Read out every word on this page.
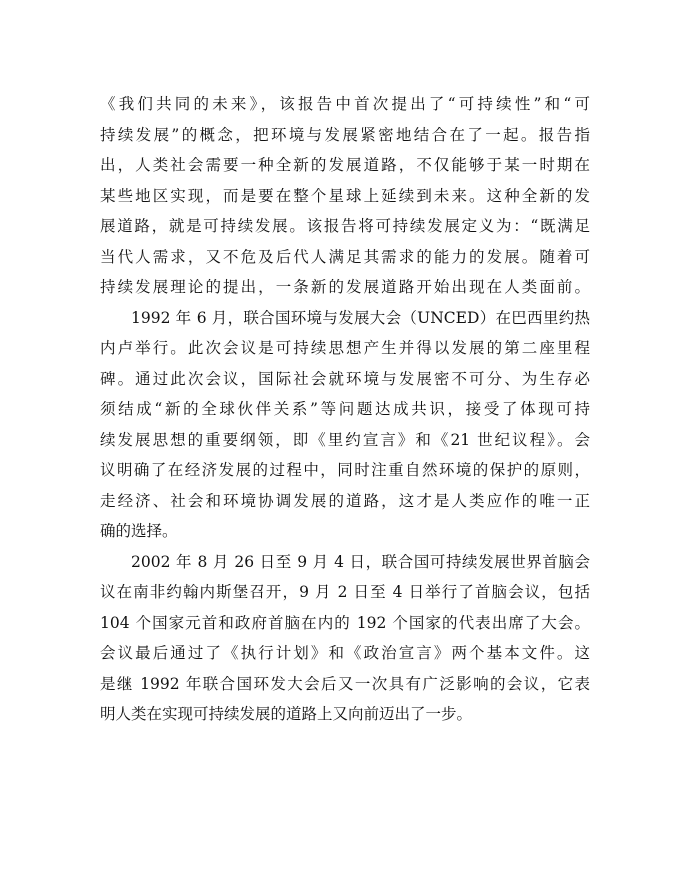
《我们共同的未来》，该报告中首次提出了“可持续性”和“可
持续发展”的概念，把环境与发展紧密地结合在了一起。报告指
出，人类社会需要一种全新的发展道路，不仅能够于某一时期在
某些地区实现，而是要在整个星球上延续到未来。这种全新的发
展道路，就是可持续发展。该报告将可持续发展定义为：“既满足
当代人需求，又不危及后代人满足其需求的能力的发展。随着可
持续发展理论的提出，一条新的发展道路开始出现在人类面前。
1992 年 6 月，联合国环境与发展大会（UNCED）在巴西里约热
内卢举行。此次会议是可持续思想产生并得以发展的第二座里程
碑。通过此次会议，国际社会就环境与发展密不可分、为生存必
须结成“新的全球伙伴关系”等问题达成共识，接受了体现可持
续发展思想的重要纲领，即《里约宣言》和《21 世纪议程》。会
议明确了在经济发展的过程中，同时注重自然环境的保护的原则，
走经济、社会和环境协调发展的道路，这才是人类应作的唯一正
确的选择。
2002 年 8 月 26 日至 9 月 4 日，联合国可持续发展世界首脑会
议在南非约翰内斯堡召开，9 月 2 日至 4 日举行了首脑会议，包括
104 个国家元首和政府首脑在内的 192 个国家的代表出席了大会。
会议最后通过了《执行计划》和《政治宣言》两个基本文件。这
是继 1992 年联合国环发大会后又一次具有广泛影响的会议，它表
明人类在实现可持续发展的道路上又向前迈出了一步。
